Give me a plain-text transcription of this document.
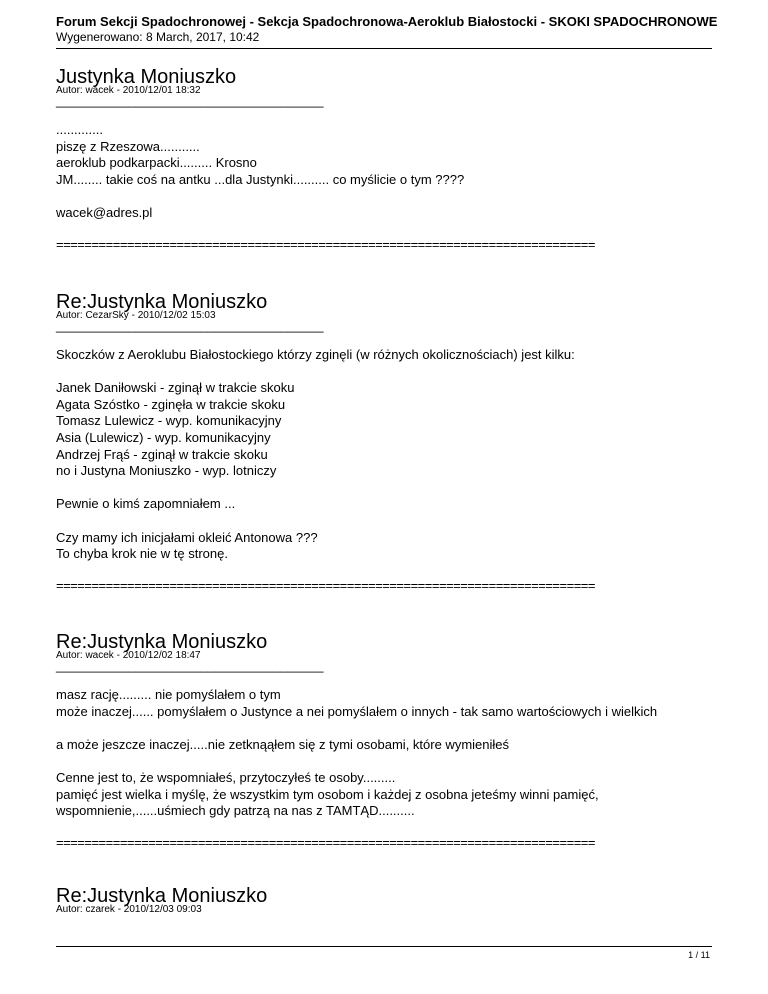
Forum Sekcji Spadochronowej - Sekcja Spadochronowa-Aeroklub Białostocki - SKOKI SPADOCHRONOWE
Wygenerowano: 8 March, 2017, 10:42
Justynka Moniuszko
Autor: wacek - 2010/12/01 18:32
_____________________________________
.............
piszę z Rzeszowa...........
aeroklub podkarpacki......... Krosno
JM........ takie coś na antku ...dla Justynki.......... co myślicie o tym ????
wacek@adres.pl
============================================================================
Re:Justynka Moniuszko
Autor: CezarSky - 2010/12/02 15:03
_____________________________________
Skoczków z Aeroklubu Białostockiego którzy zginęli (w różnych okolicznościach) jest kilku:
Janek Daniłowski - zginął w trakcie skoku
Agata Szóstko - zginęła w trakcie skoku
Tomasz Lulewicz - wyp. komunikacyjny
Asia (Lulewicz) - wyp. komunikacyjny
Andrzej Frąś - zginął w trakcie skoku
no i Justyna Moniuszko - wyp. lotniczy
Pewnie o kimś zapomniałem ...
Czy mamy ich inicjałami okleić Antonowa ???
To chyba krok nie w tę stronę.
============================================================================
Re:Justynka Moniuszko
Autor: wacek - 2010/12/02 18:47
_____________________________________
masz rację......... nie pomyślałem o tym
może inaczej...... pomyślałem o Justynce a nei pomyślałem o innych - tak samo wartościowych i wielkich
a może jeszcze inaczej.....nie zetknąąłem się z tymi osobami, które wymieniłeś
Cenne jest to, że wspomniałeś, przytoczyłeś te osoby.........
pamięć jest wielka i myślę, że wszystkim tym osobom i każdej z osobna jeteśmy winni pamięć,
wspomnienie,......uśmiech gdy patrzą na nas z TAMTĄD..........
============================================================================
Re:Justynka Moniuszko
Autor: czarek - 2010/12/03 09:03
1 / 11
